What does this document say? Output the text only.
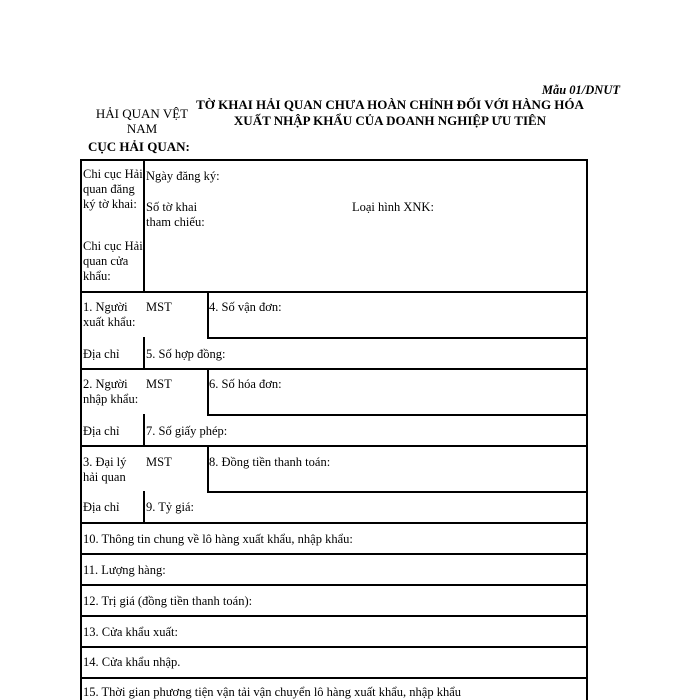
Mẫu 01/DNUT
HẢI QUAN VỆT NAM
CỤC HẢI QUAN:
TỜ KHAI HẢI QUAN CHƯA HOÀN CHỈNH ĐỐI VỚI HÀNG HÓA XUẤT NHẬP KHẨU CỦA DOANH NGHIỆP ƯU TIÊN
Chi cục Hải quan đăng ký tờ khai:
Chi cục Hải quan cửa khẩu:
Ngày đăng ký:
Số tờ khai tham chiếu:
Loại hình XNK:
1. Người xuất khẩu:
MST	4. Số vận đơn:
Địa chỉ	5. Số hợp đồng:
2. Người nhập khẩu:
MST	6. Số hóa đơn:
Địa chỉ	7. Số giấy phép:
3. Đại lý hải quan
MST	8. Đồng tiền thanh toán:
Địa chỉ	9. Tỷ giá:
10. Thông tin chung về lô hàng xuất khẩu, nhập khẩu:
11. Lượng hàng:
12. Trị giá (đồng tiền thanh toán):
13. Cửa khẩu xuất:
14. Cửa khẩu nhập.
15. Thời gian phương tiện vận tải vận chuyển lô hàng xuất khẩu, nhập khẩu
